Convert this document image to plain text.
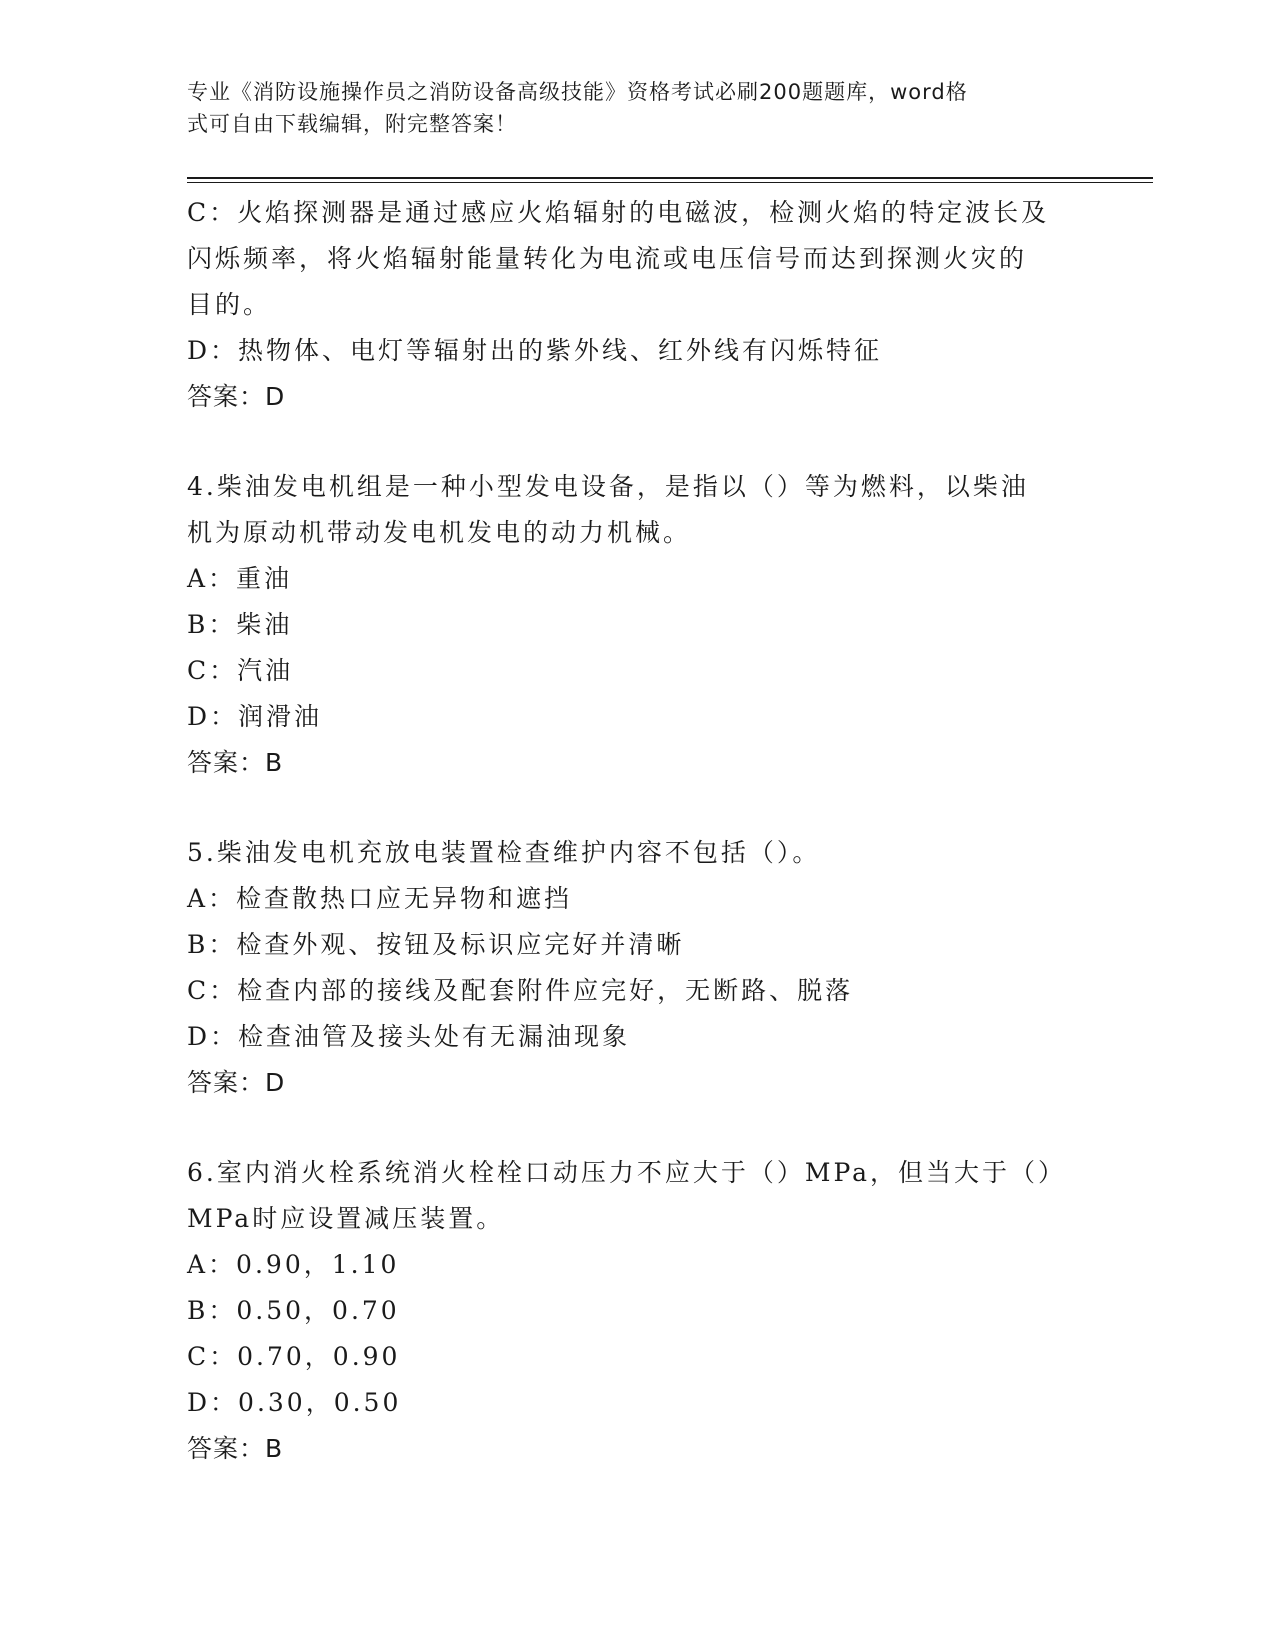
专业《消防设施操作员之消防设备高级技能》资格考试必刷200题题库，word格
式可自由下载编辑，附完整答案！
C：火焰探测器是通过感应火焰辐射的电磁波，检测火焰的特定波长及
闪烁频率，将火焰辐射能量转化为电流或电压信号而达到探测火灾的
目的。
D：热物体、电灯等辐射出的紫外线、红外线有闪烁特征
答案：D
4.柴油发电机组是一种小型发电设备，是指以（）等为燃料，以柴油
机为原动机带动发电机发电的动力机械。
A：重油
B：柴油
C：汽油
D：润滑油
答案：B
5.柴油发电机充放电装置检查维护内容不包括（）。
A：检查散热口应无异物和遮挡
B：检查外观、按钮及标识应完好并清晰
C：检查内部的接线及配套附件应完好，无断路、脱落
D：检查油管及接头处有无漏油现象
答案：D
6.室内消火栓系统消火栓栓口动压力不应大于（）MPa，但当大于（）
MPa时应设置减压装置。
A：0.90，1.10
B：0.50，0.70
C：0.70，0.90
D：0.30，0.50
答案：B
